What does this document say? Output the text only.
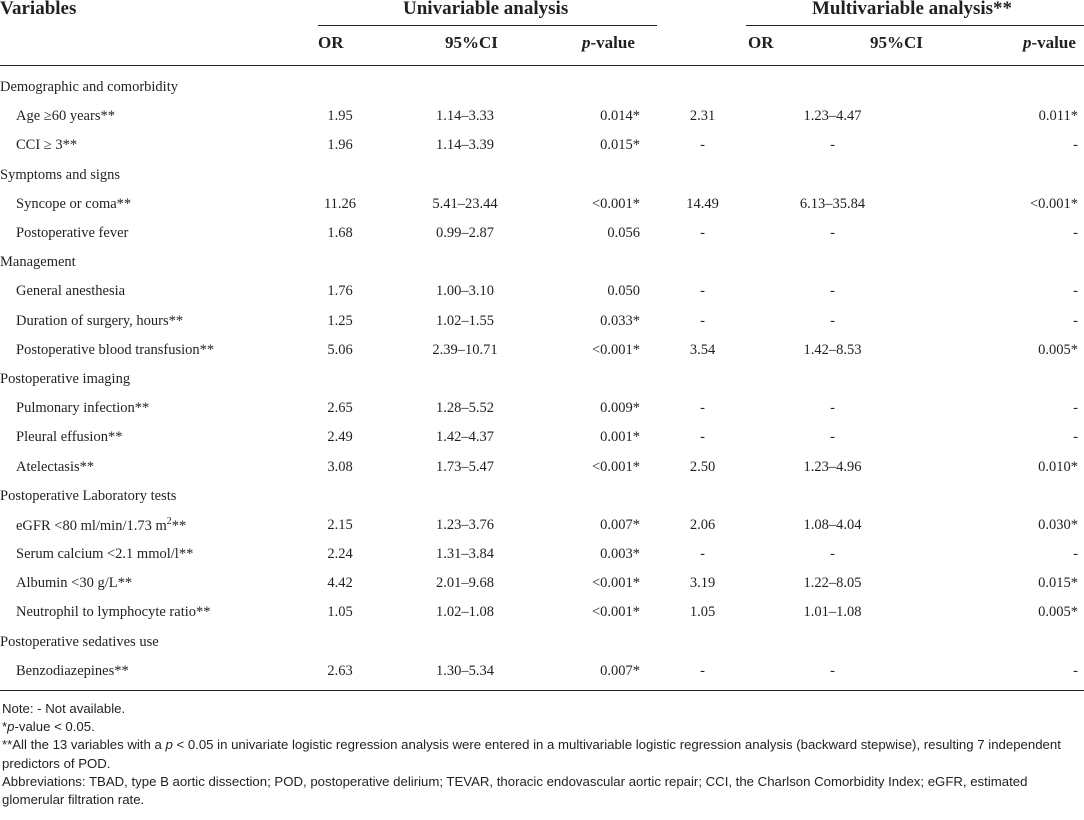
Variables	Univariable analysis	Multivariable analysis**
OR	95%CI	p-value	OR	95%CI	p-value
Demographic and comorbidity						
Age ≥60 years**	1.95	1.14–3.33	0.014*	2.31	1.23–4.47	0.011*
CCI ≥ 3**	1.96	1.14–3.39	0.015*	-	-	-
Symptoms and signs						
Syncope or coma**	11.26	5.41–23.44	<0.001*	14.49	6.13–35.84	<0.001*
Postoperative fever	1.68	0.99–2.87	0.056	-	-	-
Management						
General anesthesia	1.76	1.00–3.10	0.050	-	-	-
Duration of surgery, hours**	1.25	1.02–1.55	0.033*	-	-	-
Postoperative blood transfusion**	5.06	2.39–10.71	<0.001*	3.54	1.42–8.53	0.005*
Postoperative imaging						
Pulmonary infection**	2.65	1.28–5.52	0.009*	-	-	-
Pleural effusion**	2.49	1.42–4.37	0.001*	-	-	-
Atelectasis**	3.08	1.73–5.47	<0.001*	2.50	1.23–4.96	0.010*
Postoperative Laboratory tests						
eGFR <80 ml/min/1.73 $m^2**$	2.15	1.23–3.76	0.007*	2.06	1.08–4.04	0.030*
Serum calcium <2.1 mmol/l**	2.24	1.31–3.84	0.003*	-	-	-
Albumin <30 g/L**	4.42	2.01–9.68	<0.001*	3.19	1.22–8.05	0.015*
Neutrophil to lymphocyte ratio**	1.05	1.02–1.08	<0.001*	1.05	1.01–1.08	0.005*
Postoperative sedatives use						
Benzodiazepines**	2.63	1.30–5.34	0.007*	-	-	-
Note: - Not available.
*p-value < 0.05.
**All the 13 variables with a p < 0.05 in univariate logistic regression analysis were entered in a multivariable logistic regression analysis (backward stepwise), resulting 7 independent predictors of POD.
Abbreviations: TBAD, type B aortic dissection; POD, postoperative delirium; TEVAR, thoracic endovascular aortic repair; CCI, the Charlson Comorbidity Index; eGFR, estimated glomerular filtration rate.
